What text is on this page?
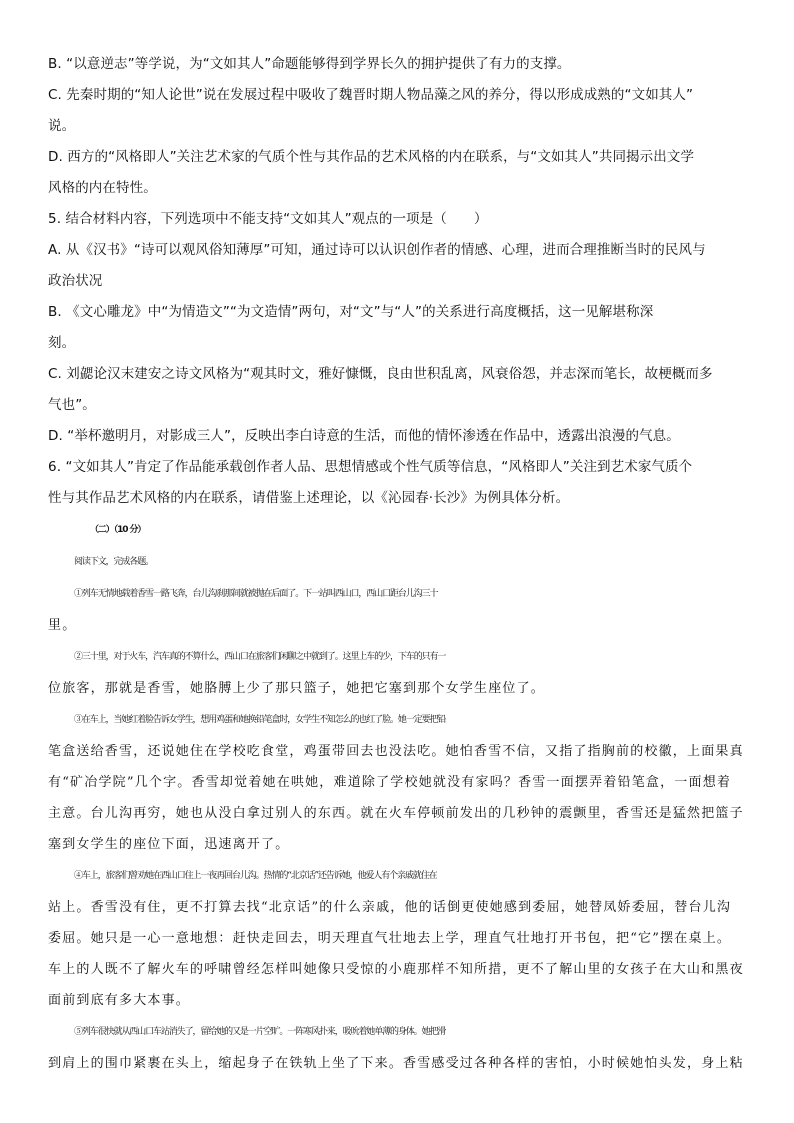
B. “以意逆志”等学说，为“文如其人”命题能够得到学界长久的拥护提供了有力的支撑。
C. 先秦时期的“知人论世”说在发展过程中吸收了魏晋时期人物品藻之风的养分，得以形成成熟的“文如其人”
说。
D. 西方的“风格即人”关注艺术家的气质个性与其作品的艺术风格的内在联系，与“文如其人”共同揭示出文学
风格的内在特性。
5. 结合材料内容，下列选项中不能支持“文如其人”观点的一项是（　　）
A. 从《汉书》“诗可以观风俗知薄厚”可知，通过诗可以认识创作者的情感、心理，进而合理推断当时的民风与
政治状况
B. 《文心雕龙》中“为情造文”“为文造情”两句，对“文”与“人”的关系进行高度概括，这一见解堪称深
刻。
C. 刘勰论汉末建安之诗文风格为“观其时文，雅好慷慨，良由世积乱离，风衰俗怨，并志深而笔长，故梗概而多
气也”。
D. “举杯邀明月，对影成三人”，反映出李白诗意的生活，而他的情怀渗透在作品中，透露出浪漫的气息。
6. “文如其人”肯定了作品能承载创作者人品、思想情感或个性气质等信息，“风格即人”关注到艺术家气质个
性与其作品艺术风格的内在联系，请借鉴上述理论，以《沁园春·长沙》为例具体分析。
（二）（10 分）
阅读下文，完成各题。
①列车无情地载着香雪一路飞奔，台儿沟刹那间就被抛在后面了。下一站叫西山口，西山口距台儿沟三十
里。
②三十里，对于火车，汽车真的不算什么，西山口在旅客们闲聊之中就到了。这里上车的少，下车的只有一
位旅客，那就是香雪，她胳膊上少了那只篮子，她把它塞到那个女学生座位了。
③在车上，当她红着脸告诉女学生，想用鸡蛋和她换铅笔盒时，女学生不知怎么的也红了脸。她一定要把铅
笔盒送给香雪，还说她住在学校吃食堂，鸡蛋带回去也没法吃。她怕香雪不信，又指了指胸前的校徽，上面果真
有“矿冶学院”几个字。香雪却觉着她在哄她，难道除了学校她就没有家吗？香雪一面摆弄着铅笔盒，一面想着
主意。台儿沟再穷，她也从没白拿过别人的东西。就在火车停顿前发出的几秒钟的震颤里，香雪还是猛然把篮子
塞到女学生的座位下面，迅速离开了。
④车上，旅客们曾劝她在西山口住上一夜再回台儿沟。热情的“北京话”还告诉她，他爱人有个亲戚就住在
站上。香雪没有住，更不打算去找“北京话”的什么亲戚，他的话倒更使她感到委屈，她替凤娇委屈，替台儿沟
委屈。她只是一心一意地想：赶快走回去，明天理直气壮地去上学，理直气壮地打开书包，把“它”摆在桌上。
车上的人既不了解火车的呼啸曾经怎样叫她像只受惊的小鹿那样不知所措，更不了解山里的女孩子在大山和黑夜
面前到底有多大本事。
⑤列车很快就从西山口车站消失了，留给她的又是一片空旷。一阵寒风扑来，吸吮着她单薄的身体。她把滑
到肩上的围巾紧裹在头上，缩起身子在铁轨上坐了下来。香雪感受过各种各样的害怕，小时候她怕头发，身上粘
